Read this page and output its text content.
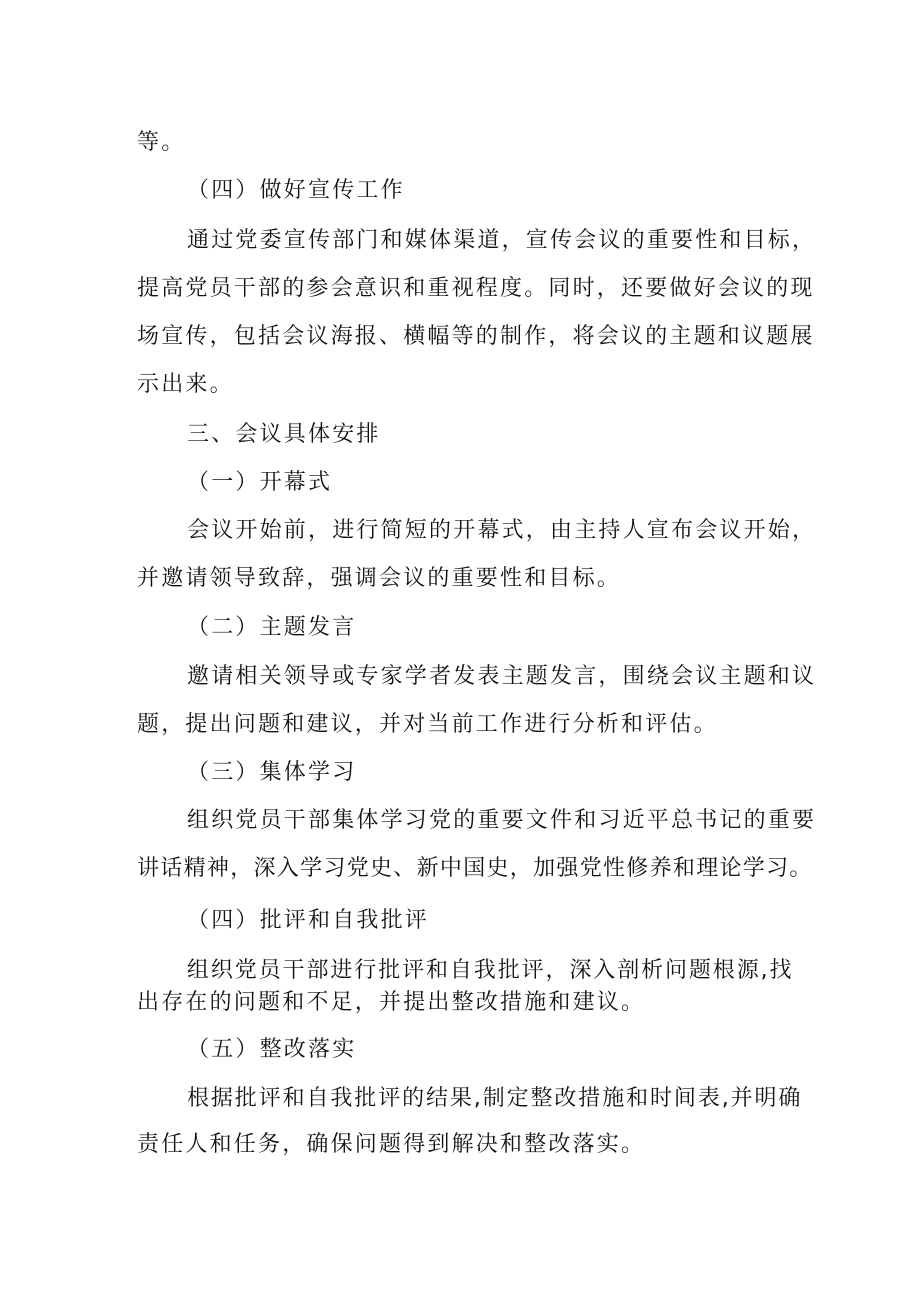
等。

（四）做好宣传工作

通过党委宣传部门和媒体渠道，宣传会议的重要性和目标，

提高党员干部的参会意识和重视程度。同时，还要做好会议的现

场宣传，包括会议海报、横幅等的制作，将会议的主题和议题展

示出来。

三、会议具体安排

（一）开幕式

会议开始前，进行简短的开幕式，由主持人宣布会议开始，

并邀请领导致辞，强调会议的重要性和目标。

（二）主题发言

邀请相关领导或专家学者发表主题发言，围绕会议主题和议

题，提出问题和建议，并对当前工作进行分析和评估。

（三）集体学习

组织党员干部集体学习党的重要文件和习近平总书记的重要

讲话精神，深入学习党史、新中国史，加强党性修养和理论学习。

（四）批评和自我批评

组织党员干部进行批评和自我批评，深入剖析问题根源,找

出存在的问题和不足，并提出整改措施和建议。

（五）整改落实

根据批评和自我批评的结果,制定整改措施和时间表,并明确

责任人和任务，确保问题得到解决和整改落实。
